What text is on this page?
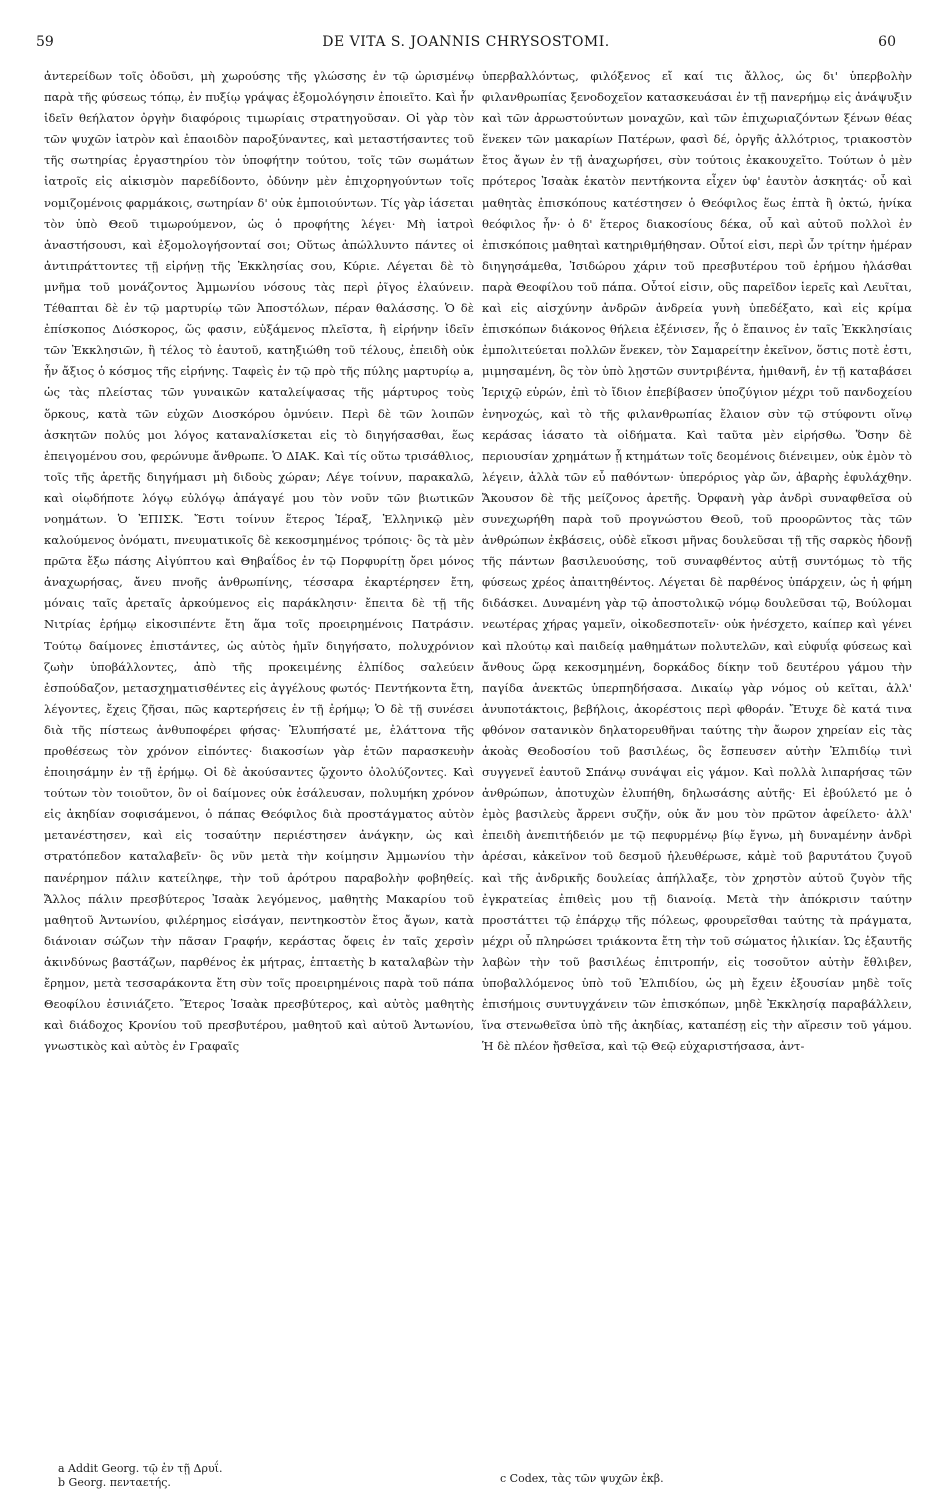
59	DE VITA S. JOANNIS CHRYSOSTOMI.	60

ἀντερείδων τοῖς ὀδοῦσι, μὴ χωρούσης τῆς γλώσσης ἐν τῷ ὡρισμένῳ παρὰ τῆς φύσεως τόπῳ, ἐν πυξίῳ γράψας ἐξομολόγησιν ἐποιεῖτο. Καὶ ἦν ἰδεῖν θεήλατον ὀργὴν διαφόροις τιμωρίαις στρατηγοῦσαν. Οἱ γὰρ τὸν τῶν ψυχῶν ἰατρὸν καὶ ἐπαοιδὸν παροξύναντες, καὶ μεταστήσαντες τοῦ τῆς σωτηρίας ἐργαστηρίου τὸν ὑποφήτην τούτου, τοῖς τῶν σωμάτων ἰατροῖς εἰς αἰκισμὸν παρεδίδοντο, ὀδύνην μὲν ἐπιχορηγούντων τοῖς νομιζομένοις φαρμάκοις, σωτηρίαν δ' οὐκ ἐμποιούντων. Τίς γὰρ ἰάσεται τὸν ὑπὸ Θεοῦ τιμωρούμενον, ὡς ὁ προφήτης λέγει· Μὴ ἰατροὶ ἀναστήσουσι, καὶ ἐξομολογήσονταί σοι; Οὕτως ἀπώλλυντο πάντες οἱ ἀντιπράττοντες τῇ εἰρήνῃ τῆς Ἐκκλησίας σου, Κύριε. Λέγεται δὲ τὸ μνῆμα τοῦ μονάζοντος Ἀμμωνίου νόσους τὰς περὶ ῥῖγος ἐλαύνειν. Τέθαπται δὲ ἐν τῷ μαρτυρίῳ τῶν Ἀποστόλων, πέραν θαλάσσης. Ὁ δὲ ἐπίσκοπος Διόσκορος, ὥς φασιν, εὐξάμενος πλεῖστα, ἣ εἰρήνην ἰδεῖν τῶν Ἐκκλησιῶν, ἢ τέλος τὸ ἑαυτοῦ, κατηξιώθη τοῦ τέλους, ἐπειδὴ οὐκ ἦν ἄξιος ὁ κόσμος τῆς εἰρήνης. Ταφεὶς ἐν τῷ πρὸ τῆς πύλης μαρτυρίῳ a, ὡς τὰς πλείστας τῶν γυναικῶν καταλείψασας τῆς μάρτυρος τοὺς ὅρκους, κατὰ τῶν εὐχῶν Διοσκόρου ὀμνύειν. Περὶ δὲ τῶν λοιπῶν ἀσκητῶν πολύς μοι λόγος καταναλίσκεται εἰς τὸ διηγήσασθαι, ἕως ἐπειγομένου σου, φερώνυμε ἄνθρωπε. Ὁ ΔΙΑΚ. Καὶ τίς οὕτω τρισάθλιος, τοῖς τῆς ἀρετῆς διηγήμασι μὴ διδοὺς χώραν; Λέγε τοίνυν, παρακαλῶ, καὶ οἱῳδήποτε λόγῳ εὐλόγῳ ἀπάγαγέ μου τὸν νοῦν τῶν βιωτικῶν νοημάτων. Ὁ ἘΠΙΣΚ. Ἔστι τοίνυν ἕτερος Ἱέραξ, Ἑλληνικῷ μὲν καλούμενος ὀνόματι, πνευματικοῖς δὲ κεκοσμημένος τρόποις· ὃς τὰ μὲν πρῶτα ἔξω πάσης Αἰγύπτου καὶ Θηβαΐδος ἐν τῷ Πορφυρίτῃ ὄρει μόνος ἀναχωρήσας, ἄνευ πνοῆς ἀνθρωπίνης, τέσσαρα ἐκαρτέρησεν ἔτη, μόναις ταῖς ἀρεταῖς ἀρκούμενος εἰς παράκλησιν· ἔπειτα δὲ τῇ τῆς Νιτρίας ἐρήμῳ εἰκοσιπέντε ἔτη ἅμα τοῖς προειρημένοις Πατράσιν. Τούτῳ δαίμονες ἐπιστάντες, ὡς αὐτὸς ἡμῖν διηγήσατο, πολυχρόνιον ζωὴν ὑποβάλλοντες, ἀπὸ τῆς προκειμένης ἐλπίδος σαλεύειν ἐσπούδαζον, μετασχηματισθέντες εἰς ἀγγέλους φωτός· Πεντήκοντα ἔτη, λέγοντες, ἔχεις ζῆσαι, πῶς καρτερήσεις ἐν τῇ ἐρήμῳ; Ὁ δὲ τῇ συνέσει διὰ τῆς πίστεως ἀνθυποφέρει φήσας· Ἐλυπήσατέ με, ἐλάττονα τῆς προθέσεως τὸν χρόνον εἰπόντες· διακοσίων γὰρ ἐτῶν παρασκευὴν ἐποιησάμην ἐν τῇ ἐρήμῳ. Οἱ δὲ ἀκούσαντες ᾤχοντο ὀλολύζοντες. Καὶ τούτων τὸν τοιοῦτον, ὃν οἱ δαίμονες οὐκ ἐσάλευσαν, πολυμήκη χρόνον εἰς ἀκηδίαν σοφισάμενοι, ὁ πάπας Θεόφιλος διὰ προστάγματος αὐτὸν μετανέστησεν, καὶ εἰς τοσαύτην περιέστησεν ἀνάγκην, ὡς καὶ στρατόπεδον καταλαβεῖν· ὃς νῦν μετὰ τὴν κοίμησιν Ἀμμωνίου τὴν πανέρημον πάλιν κατείληφε, τὴν τοῦ ἀρότρου παραβολὴν φοβηθείς. Ἄλλος πάλιν πρεσβύτερος Ἰσαὰκ λεγόμενος, μαθητὴς Μακαρίου τοῦ μαθητοῦ Ἀντωνίου, φιλέρημος εἰσάγαν, πεντηκοστὸν ἔτος ἄγων, κατὰ διάνοιαν σώζων τὴν πᾶσαν Γραφήν, κεράστας ὄφεις ἐν ταῖς χερσὶν ἀκινδύνως βαστάζων, παρθένος ἐκ μήτρας, ἑπταετὴς b καταλαβὼν τὴν ἔρημον, μετὰ τεσσαράκοντα ἔτη σὺν τοῖς προειρημένοις παρὰ τοῦ πάπα Θεοφίλου ἐσινιάζετο. Ἕτερος Ἰσαὰκ πρεσβύτερος, καὶ αὐτὸς μαθητὴς καὶ διάδοχος Κρονίου τοῦ πρεσβυτέρου, μαθητοῦ καὶ αὐτοῦ Ἀντωνίου, γνωστικὸς καὶ αὐτὸς ἐν Γραφαῖς

ὑπερβαλλόντως, φιλόξενος εἴ καί τις ἄλλος, ὡς δι' ὑπερβολὴν φιλανθρωπίας ξενοδοχεῖον κατασκευάσαι ἐν τῇ πανερήμῳ εἰς ἀνάψυξιν καὶ τῶν ἀρρωστούντων μοναχῶν, καὶ τῶν ἐπιχωριαζόντων ξένων θέας ἕνεκεν τῶν μακαρίων Πατέρων, φασὶ δέ, ὀργῆς ἀλλότριος, τριακοστὸν ἔτος ἄγων ἐν τῇ ἀναχωρήσει, σὺν τούτοις ἐκακουχεῖτο. Τούτων ὁ μὲν πρότερος Ἰσαὰκ ἑκατὸν πεντήκοντα εἶχεν ὑφ' ἑαυτὸν ἀσκητάς· οὗ καὶ μαθητὰς ἐπισκόπους κατέστησεν ὁ Θεόφιλος ἕως ἑπτὰ ἢ ὀκτώ, ἡνίκα θεόφιλος ἦν· ὁ δ' ἕτερος διακοσίους δέκα, οὗ καὶ αὐτοῦ πολλοὶ ἐν ἐπισκόποις μαθηταὶ κατηριθμήθησαν. Οὗτοί εἰσι, περὶ ὧν τρίτην ἡμέραν διηγησάμεθα, Ἰσιδώρου χάριν τοῦ πρεσβυτέρου τοῦ ἐρήμου ἠλάσθαι παρὰ Θεοφίλου τοῦ πάπα. Οὗτοί εἰσιν, οὓς παρεῖδον ἱερεῖς καὶ Λευῖται, καὶ εἰς αἰσχύνην ἀνδρῶν ἀνδρεία γυνὴ ὑπεδέξατο, καὶ εἰς κρίμα ἐπισκόπων διάκονος θήλεια ἐξένισεν, ἧς ὁ ἔπαινος ἐν ταῖς Ἐκκλησίαις ἐμπολιτεύεται πολλῶν ἕνεκεν, τὸν Σαμαρείτην ἐκεῖνον, ὅστις ποτὲ ἐστι, μιμησαμένη, ὃς τὸν ὑπὸ λῃστῶν συντριβέντα, ἡμιθανῆ, ἐν τῇ καταβάσει Ἱεριχῷ εὑρών, ἐπὶ τὸ ἴδιον ἐπεβίβασεν ὑποζύγιον μέχρι τοῦ πανδοχείου ἐνηνοχώς, καὶ τὸ τῆς φιλανθρωπίας ἔλαιον σὺν τῷ στύφοντι οἴνῳ κεράσας ἰάσατο τὰ οἰδήματα. Καὶ ταῦτα μὲν εἰρήσθω. Ὅσην δὲ περιουσίαν χρημάτων ᾗ κτημάτων τοῖς δεομένοις διένειμεν, οὐκ ἐμὸν τὸ λέγειν, ἀλλὰ τῶν εὖ παθόντων· ὑπερόριος γὰρ ὤν, ἀβαρὴς ἐφυλάχθην. Ἄκουσον δὲ τῆς μείζονος ἀρετῆς. Ὀρφανὴ γὰρ ἀνδρὶ συναφθεῖσα οὐ συνεχωρήθη παρὰ τοῦ προγνώστου Θεοῦ, τοῦ προορῶντος τὰς τῶν ἀνθρώπων ἐκβάσεις, οὐδὲ εἴκοσι μῆνας δουλεῦσαι τῇ τῆς σαρκὸς ἡδονῇ τῆς πάντων βασιλευούσης, τοῦ συναφθέντος αὐτῇ συντόμως τὸ τῆς φύσεως χρέος ἀπαιτηθέντος. Λέγεται δὲ παρθένος ὑπάρχειν, ὡς ἡ φήμη διδάσκει. Δυναμένη γὰρ τῷ ἀποστολικῷ νόμῳ δουλεῦσαι τῷ, Βούλομαι νεωτέρας χήρας γαμεῖν, οἰκοδεσποτεῖν· οὐκ ἠνέσχετο, καίπερ καὶ γένει καὶ πλούτῳ καὶ παιδείᾳ μαθημάτων πολυτελῶν, καὶ εὐφυΐᾳ φύσεως καὶ ἄνθους ὥρᾳ κεκοσμημένη, δορκάδος δίκην τοῦ δευτέρου γάμου τὴν παγίδα ἀνεκτῶς ὑπερπηδήσασα. Δικαίῳ γὰρ νόμος οὐ κεῖται, ἀλλ' ἀνυποτάκτοις, βεβήλοις, ἀκορέστοις περὶ φθοράν. Ἔτυχε δὲ κατά τινα φθόνον σατανικὸν δηλατορευθῆναι ταύτης τὴν ἄωρον χηρείαν εἰς τὰς ἀκοὰς Θεοδοσίου τοῦ βασιλέως, ὃς ἔσπευσεν αὐτὴν Ἐλπιδίῳ τινὶ συγγενεῖ ἑαυτοῦ Σπάνῳ συνάψαι εἰς γάμον. Καὶ πολλὰ λιπαρήσας τῶν ἀνθρώπων, ἀποτυχὼν ἐλυπήθη, δηλωσάσης αὐτῆς· Εἰ ἐβούλετό με ὁ ἐμὸς βασιλεὺς ἄρρενι συζῆν, οὐκ ἄν μου τὸν πρῶτον ἀφείλετο· ἀλλ' ἐπειδὴ ἀνεπιτήδειόν με τῷ πεφυρμένῳ βίῳ ἔγνω, μὴ δυναμένην ἀνδρὶ ἀρέσαι, κἀκεῖνον τοῦ δεσμοῦ ἠλευθέρωσε, κἀμὲ τοῦ βαρυτάτου ζυγοῦ καὶ τῆς ἀνδρικῆς δουλείας ἀπήλλαξε, τὸν χρηστὸν αὐτοῦ ζυγὸν τῆς ἐγκρατείας ἐπιθεὶς μου τῇ διανοίᾳ. Μετὰ τὴν ἀπόκρισιν ταύτην προστάττει τῷ ἐπάρχῳ τῆς πόλεως, φρουρεῖσθαι ταύτης τὰ πράγματα, μέχρι οὗ πληρώσει τριάκοντα ἔτη τὴν τοῦ σώματος ἡλικίαν. Ὡς ἐξαυτῆς λαβὼν τὴν τοῦ βασιλέως ἐπιτροπήν, εἰς τοσοῦτον αὐτὴν ἔθλιβεν, ὑποβαλλόμενος ὑπὸ τοῦ Ἐλπιδίου, ὡς μὴ ἔχειν ἐξουσίαν μηδὲ τοῖς ἐπισήμοις συντυγχάνειν τῶν ἐπισκόπων, μηδὲ Ἐκκλησίᾳ παραβάλλειν, ἵνα στενωθεῖσα ὑπὸ τῆς ἀκηδίας, καταπέσῃ εἰς τὴν αἵρεσιν τοῦ γάμου. Ἡ δὲ πλέον ἤσθεῖσα, καὶ τῷ Θεῷ εὐχαριστήσασα, ἀντ-

a Addit Georg. τῷ ἐν τῇ Δρυΐ.
b Georg. πενταετής.	c Codex, τὰς τῶν ψυχῶν ἐκβ.
